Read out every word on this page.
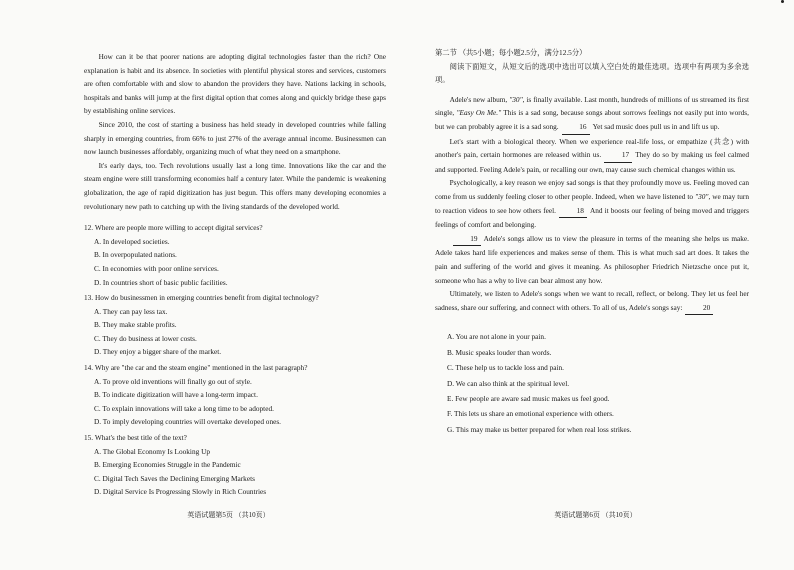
How can it be that poorer nations are adopting digital technologies faster than the rich? One explanation is habit and its absence. In societies with plentiful physical stores and services, customers are often comfortable with and slow to abandon the providers they have. Nations lacking in schools, hospitals and banks will jump at the first digital option that comes along and quickly bridge these gaps by establishing online services.

Since 2010, the cost of starting a business has held steady in developed countries while falling sharply in emerging countries, from 66% to just 27% of the average annual income. Businessmen can now launch businesses affordably, organizing much of what they need on a smartphone.

It's early days, too. Tech revolutions usually last a long time. Innovations like the car and the steam engine were still transforming economies half a century later. While the pandemic is weakening globalization, the age of rapid digitization has just begun. This offers many developing economies a revolutionary new path to catching up with the living standards of the developed world.

12. Where are people more willing to accept digital services?

A. In developed societies.

B. In overpopulated nations.

C. In economies with poor online services.

D. In countries short of basic public facilities.

13. How do businessmen in emerging countries benefit from digital technology?

A. They can pay less tax.

B. They make stable profits.

C. They do business at lower costs.

D. They enjoy a bigger share of the market.

14. Why are "the car and the steam engine" mentioned in the last paragraph?

A. To prove old inventions will finally go out of style.

B. To indicate digitization will have a long-term impact.

C. To explain innovations will take a long time to be adopted.

D. To imply developing countries will overtake developed ones.

15. What's the best title of the text?

A. The Global Economy Is Looking Up

B. Emerging Economies Struggle in the Pandemic

C. Digital Tech Saves the Declining Emerging Markets

D. Digital Service Is Progressing Slowly in Rich Countries

英语试题第5页 （共10页）

第二节 （共5小题；每小题2.5分，满分12.5分）

阅读下面短文，从短文后的选项中选出可以填入空白处的最佳选项。选项中有两项为多余选项。

Adele's new album, "30", is finally available. Last month, hundreds of millions of us streamed its first single, "Easy On Me." This is a sad song, because songs about sorrows feelings not easily put into words, but we can probably agree it is a sad song.	16 Yet sad music does pull us in and lift us up.

Let's start with a biological theory. When we experience real-life loss, or empathize (共念) with another's pain, certain hormones are released within us.	17 They do so by making us feel calmed and supported. Feeling Adele's pain, or recalling our own, may cause such chemical changes within us.

Psychologically, a key reason we enjoy sad songs is that they profoundly move us. Feeling moved can come from us suddenly feeling closer to other people. Indeed, when we have listened to "30", we may turn to reaction videos to see how others feel.	18 And it boosts our feeling of being moved and triggers feelings of comfort and belonging.

19 Adele's songs allow us to view the pleasure in terms of the meaning she helps us make. Adele takes hard life experiences and makes sense of them. This is what much sad art does. It takes the pain and suffering of the world and gives it meaning. As philosopher Friedrich Nietzsche once put it, someone who has a why to live can bear almost any how.

Ultimately, we listen to Adele's songs when we want to recall, reflect, or belong. They let us feel her sadness, share our suffering, and connect with others. To all of us, Adele's songs say:	20

A. You are not alone in your pain.

B. Music speaks louder than words.

C. These help us to tackle loss and pain.

D. We can also think at the spiritual level.

E. Few people are aware sad music makes us feel good.

F. This lets us share an emotional experience with others.

G. This may make us better prepared for when real loss strikes.

英语试题第6页 （共10页）
